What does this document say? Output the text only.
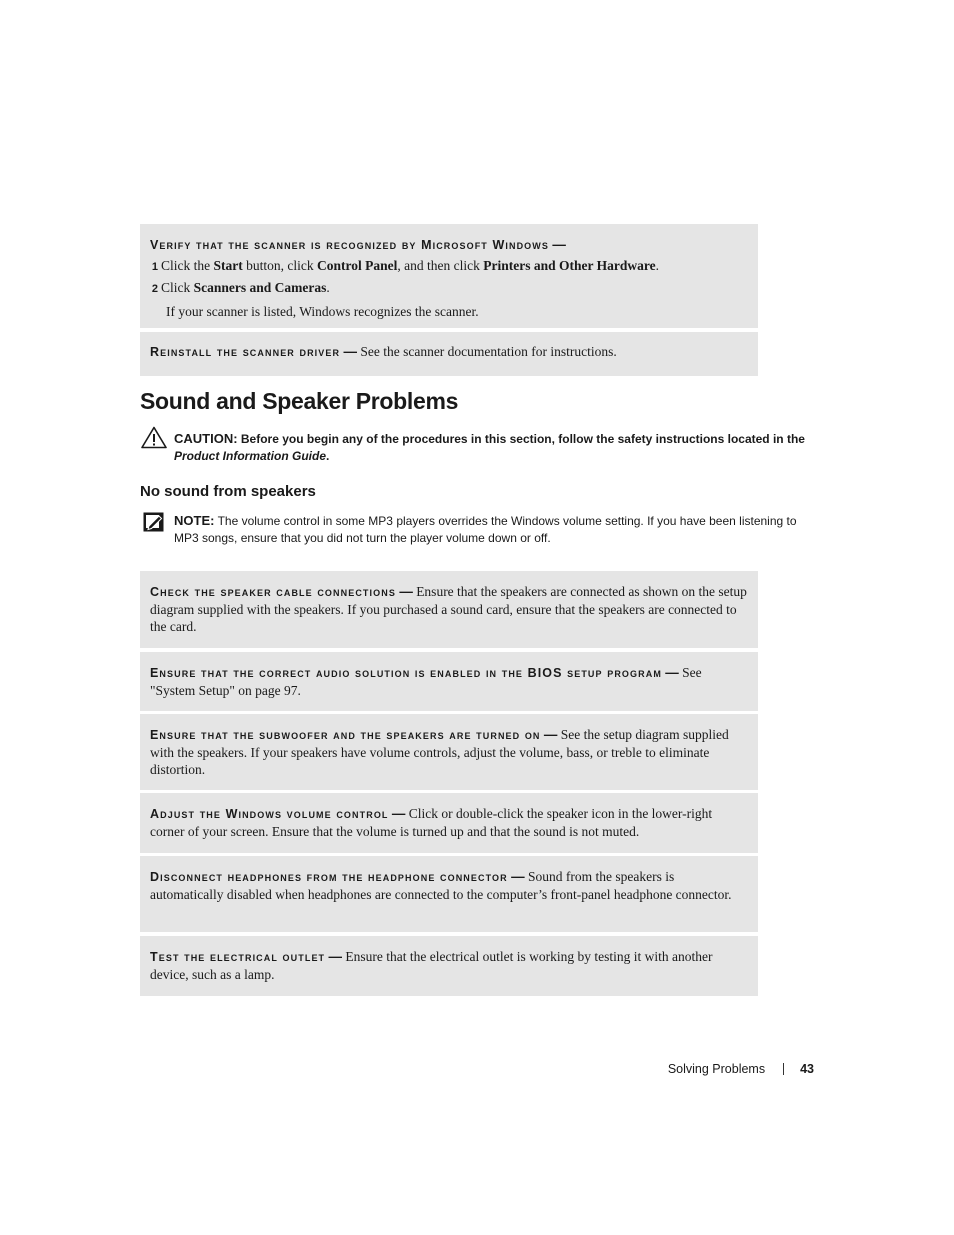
Verify that the scanner is recognized by Microsoft Windows —
1 Click the Start button, click Control Panel, and then click Printers and Other Hardware.
2 Click Scanners and Cameras.
If your scanner is listed, Windows recognizes the scanner.
Reinstall the scanner driver — See the scanner documentation for instructions.
Sound and Speaker Problems
CAUTION: Before you begin any of the procedures in this section, follow the safety instructions located in the Product Information Guide.
No sound from speakers
NOTE: The volume control in some MP3 players overrides the Windows volume setting. If you have been listening to MP3 songs, ensure that you did not turn the player volume down or off.
Check the speaker cable connections — Ensure that the speakers are connected as shown on the setup diagram supplied with the speakers. If you purchased a sound card, ensure that the speakers are connected to the card.
Ensure that the correct audio solution is enabled in the BIOS setup program — See "System Setup" on page 97.
Ensure that the subwoofer and the speakers are turned on — See the setup diagram supplied with the speakers. If your speakers have volume controls, adjust the volume, bass, or treble to eliminate distortion.
Adjust the Windows volume control — Click or double-click the speaker icon in the lower-right corner of your screen. Ensure that the volume is turned up and that the sound is not muted.
Disconnect headphones from the headphone connector — Sound from the speakers is automatically disabled when headphones are connected to the computer’s front-panel headphone connector.
Test the electrical outlet — Ensure that the electrical outlet is working by testing it with another device, such as a lamp.
Solving Problems	43
